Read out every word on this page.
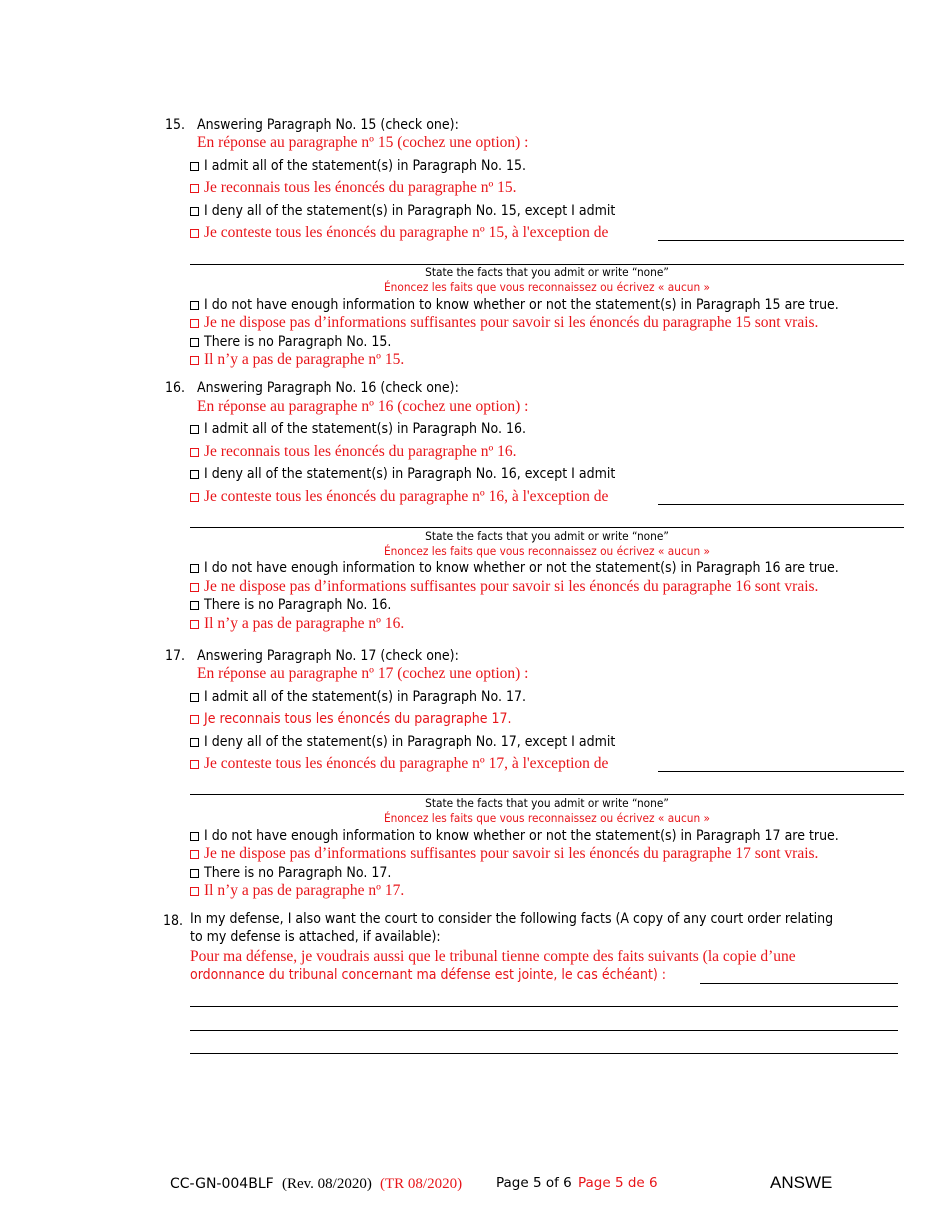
15. Answering Paragraph No. 15 (check one):
En réponse au paragraphe nº 15 (cochez une option) :
I admit all of the statement(s) in Paragraph No. 15.
Je reconnais tous les énoncés du paragraphe nº 15.
I deny all of the statement(s) in Paragraph No. 15, except I admit
Je conteste tous les énoncés du paragraphe nº 15, à l'exception de
State the facts that you admit or write “none”
Énoncez les faits que vous reconnaissez ou écrivez « aucun »
I do not have enough information to know whether or not the statement(s) in Paragraph 15 are true.
Je ne dispose pas d’informations suffisantes pour savoir si les énoncés du paragraphe 15 sont vrais.
There is no Paragraph No. 15.
Il n’y a pas de paragraphe nº 15.
16. Answering Paragraph No. 16 (check one):
En réponse au paragraphe nº 16 (cochez une option) :
I admit all of the statement(s) in Paragraph No. 16.
Je reconnais tous les énoncés du paragraphe nº 16.
I deny all of the statement(s) in Paragraph No. 16, except I admit
Je conteste tous les énoncés du paragraphe nº 16, à l'exception de
State the facts that you admit or write “none”
Énoncez les faits que vous reconnaissez ou écrivez « aucun »
I do not have enough information to know whether or not the statement(s) in Paragraph 16 are true.
Je ne dispose pas d’informations suffisantes pour savoir si les énoncés du paragraphe 16 sont vrais.
There is no Paragraph No. 16.
Il n’y a pas de paragraphe nº 16.
17. Answering Paragraph No. 17 (check one):
En réponse au paragraphe nº 17 (cochez une option) :
I admit all of the statement(s) in Paragraph No. 17.
Je reconnais tous les énoncés du paragraphe 17.
I deny all of the statement(s) in Paragraph No. 17, except I admit
Je conteste tous les énoncés du paragraphe nº 17, à l'exception de
State the facts that you admit or write “none”
Énoncez les faits que vous reconnaissez ou écrivez « aucun »
I do not have enough information to know whether or not the statement(s) in Paragraph 17 are true.
Je ne dispose pas d’informations suffisantes pour savoir si les énoncés du paragraphe 17 sont vrais.
There is no Paragraph No. 17.
Il n’y a pas de paragraphe nº 17.
18. In my defense, I also want the court to consider the following facts (A copy of any court order relating
to my defense is attached, if available):
Pour ma défense, je voudrais aussi que le tribunal tienne compte des faits suivants (la copie d’une
ordonnance du tribunal concernant ma défense est jointe, le cas échéant) :
CC-GN-004BLF (Rev. 08/2020) (TR 08/2020)	Page 5 of 6 Page 5 de 6	ANSWE
